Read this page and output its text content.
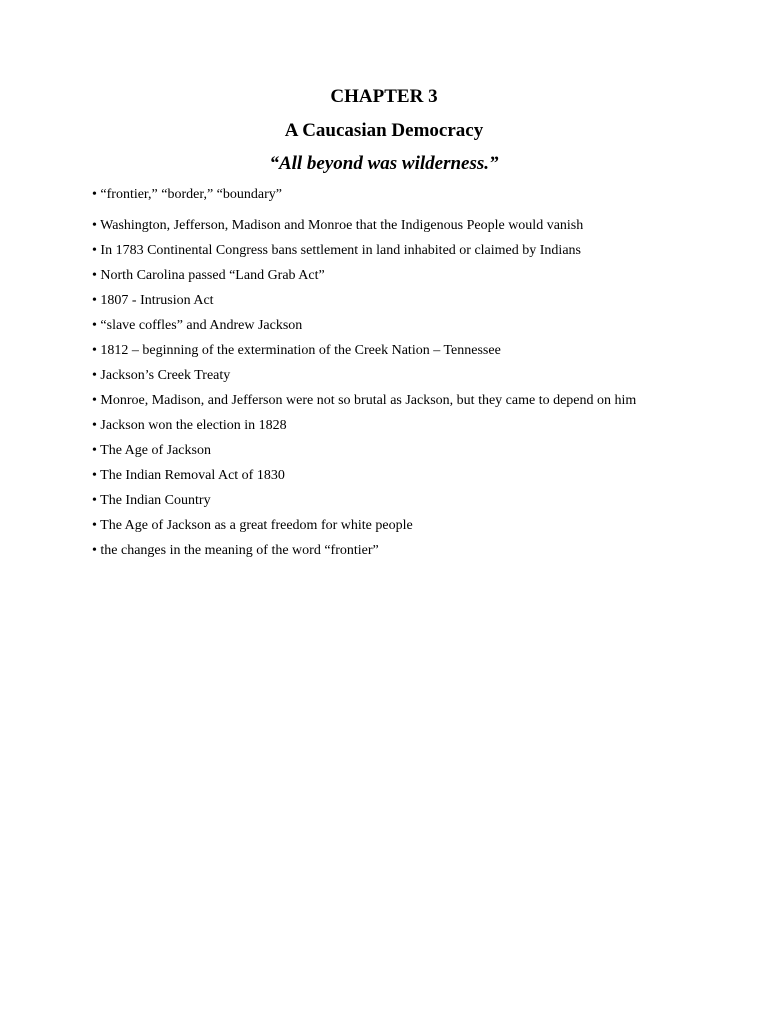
CHAPTER 3
A Caucasian Democracy
“All beyond was wilderness.”
• “frontier,” “border,” “boundary”
• Washington, Jefferson, Madison and Monroe that the Indigenous People would vanish
• In 1783 Continental Congress bans settlement in land inhabited or claimed by Indians
• North Carolina passed “Land Grab Act”
• 1807 - Intrusion Act
• “slave coffles” and Andrew Jackson
• 1812 – beginning of the extermination of the Creek Nation – Tennessee
• Jackson’s Creek Treaty
• Monroe, Madison, and Jefferson were not so brutal as Jackson, but they came to depend on him
• Jackson won the election in 1828
• The Age of Jackson
• The Indian Removal Act of 1830
• The Indian Country
• The Age of Jackson as a great freedom for white people
• the changes in the meaning of the word “frontier”
